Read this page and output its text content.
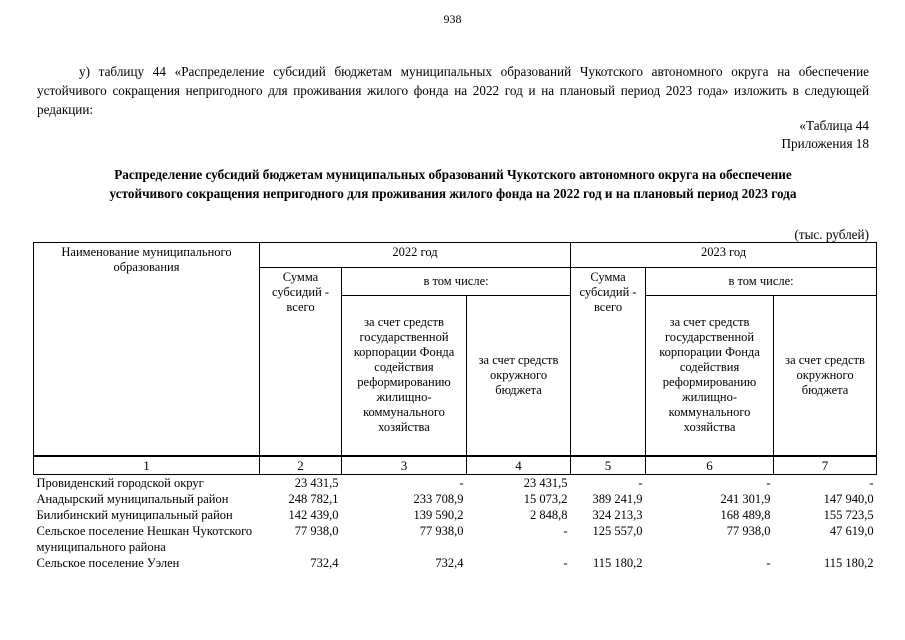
938
у) таблицу 44 «Распределение субсидий бюджетам муниципальных образований Чукотского автономного округа на обеспечение устойчивого сокращения непригодного для проживания жилого фонда на 2022 год и на плановый период 2023 года» изложить в следующей редакции:
«Таблица 44
Приложения 18
Распределение субсидий бюджетам муниципальных образований Чукотского автономного округа на обеспечение
устойчивого сокращения непригодного для проживания жилого фонда на 2022 год и на плановый период 2023 года
(тыс. рублей)
Наименование муниципального образования	2022 год			2023 год		
	Сумма субсидий - всего	в том числе:		Сумма субсидий - всего	в том числе:	
		за счет средств государственной корпорации Фонда содействия реформированию жилищно-коммунального хозяйства	за счет средств окружного бюджета		за счет средств государственной корпорации Фонда содействия реформированию жилищно-коммунального хозяйства	за счет средств окружного бюджета
1	2	3	4	5	6	7
Провиденский городской округ	23 431,5	-	23 431,5	-	-	-
Анадырский муниципальный район	248 782,1	233 708,9	15 073,2	389 241,9	241 301,9	147 940,0
Билибинский муниципальный район	142 439,0	139 590,2	2 848,8	324 213,3	168 489,8	155 723,5
Сельское поселение Нешкан Чукотского муниципального района	77 938,0	77 938,0	-	125 557,0	77 938,0	47 619,0
Сельское поселение Уэлен	732,4	732,4	-	115 180,2	-	115 180,2
